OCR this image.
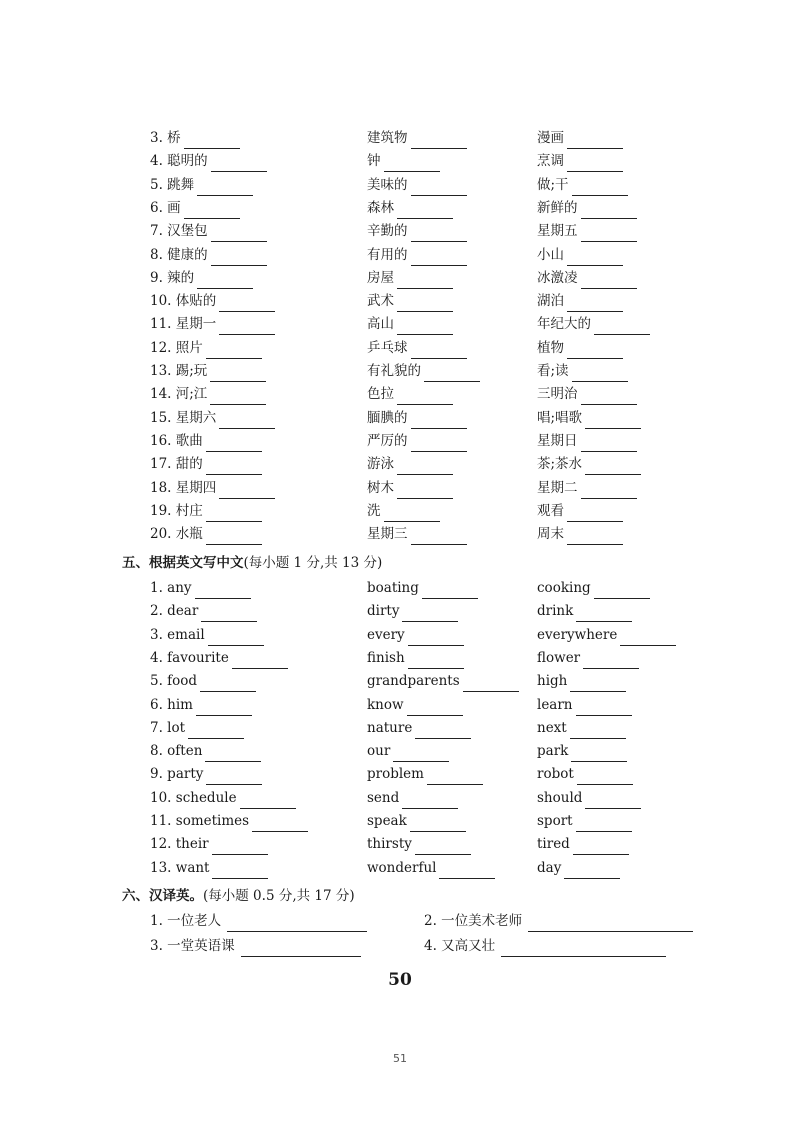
3. 桥	建筑物	漫画
4. 聪明的	钟	烹调
5. 跳舞	美味的	做;干
6. 画	森林	新鲜的
7. 汉堡包	辛勤的	星期五
8. 健康的	有用的	小山
9. 辣的	房屋	冰激凌
10. 体贴的	武术	湖泊
11. 星期一	高山	年纪大的
12. 照片	乒乓球	植物
13. 踢;玩	有礼貌的	看;读
14. 河;江	色拉	三明治
15. 星期六	腼腆的	唱;唱歌
16. 歌曲	严厉的	星期日
17. 甜的	游泳	茶;茶水
18. 星期四	树木	星期二
19. 村庄	洗	观看
20. 水瓶	星期三	周末
五、根据英文写中文(每小题 1 分,共 13 分)
1. any	boating	cooking
2. dear	dirty	drink
3. email	every	everywhere
4. favourite	finish	flower
5. food	grandparents	high
6. him	know	learn
7. lot	nature	next
8. often	our	park
9. party	problem	robot
10. schedule	send	should
11. sometimes	speak	sport
12. their	thirsty	tired
13. want	wonderful	day
六、汉译英。(每小题 0.5 分,共 17 分)
1. 一位老人	2. 一位美术老师
3. 一堂英语课	4. 又高又壮
50
51
